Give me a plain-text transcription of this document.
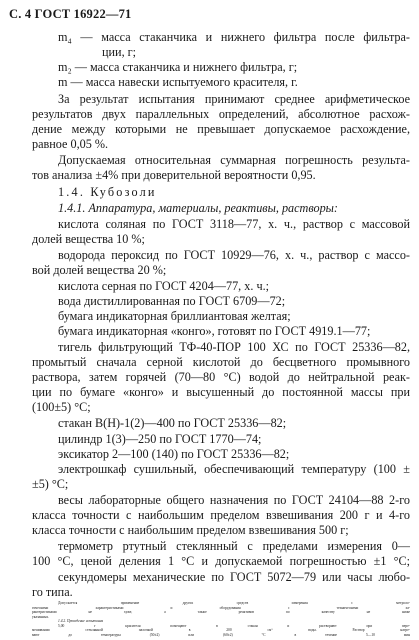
С. 4 ГОСТ 16922—71
m₄ — масса стаканчика и нижнего фильтра после фильтра-
ции, г;
m₂ — масса стаканчика и нижнего фильтра, г;
m — масса навески испытуемого красителя, г.
За результат испытания принимают среднее арифметическое
результатов двух параллельных определений, абсолютное расхож-
дение между которыми не превышает допускаемое расхождение,
равное 0,05 %.
Допускаемая относительная суммарная погрешность результа-
тов анализа ±4% при доверительной вероятности 0,95.
1.4. Кубозоли
1.4.1. Аппаратура, материалы, реактивы, растворы:
кислота соляная по ГОСТ 3118—77, х. ч., раствор с массовой
долей вещества 10 %;
водорода пероксид по ГОСТ 10929—76, х. ч., раствор с массо-
вой долей вещества 20 %;
кислота серная по ГОСТ 4204—77, х. ч.;
вода дистиллированная по ГОСТ 6709—72;
бумага индикаторная бриллиантовая желтая;
бумага индикаторная «конго», готовят по ГОСТ 4919.1—77;
тигель фильтрующий ТФ-40-ПОР 100 ХС по ГОСТ 25336—82,
промытый сначала серной кислотой до бесцветного промывного
раствора, затем горячей (70—80 °С) водой до нейтральной реак-
ции по бумаге «конго» и высушенный до постоянной массы при
(100±5) °С;
стакан В(Н)-1(2)—400 по ГОСТ 25336—82;
цилиндр 1(3)—250 по ГОСТ 1770—74;
эксикатор 2—100 (140) по ГОСТ 25336—82;
электрошкаф сушильный, обеспечивающий температуру (100 ±
±5) °С;
весы лабораторные общего назначения по ГОСТ 24104—88 2-го
класса точности с наибольшим пределом взвешивания 200 г и 4-го
класса точности с наибольшим пределом взвешивания 500 г;
термометр ртутный стеклянный с пределами измерения 0—
100 °С, ценой деления 1 °С и допускаемой погрешностью ±1 °С;
секундомеры механические по ГОСТ 5072—79 или часы любо-
го типа.
Допускается применение других средств измерения с метроло-
гическими характеристиками и оборудования с техническими ха-
рактеристиками не хуже, а также реактивов по качеству не ниже
указанных.
1.4.2. Проведение испытания
5,00 г красителя помещают в стакан и растворяют при пере-
мешивании стеклянной палочкой в 200 см³ воды. Раствор нагре-
вают до температуры (50±2) или (60±2) °С в течение 5—10 мин
